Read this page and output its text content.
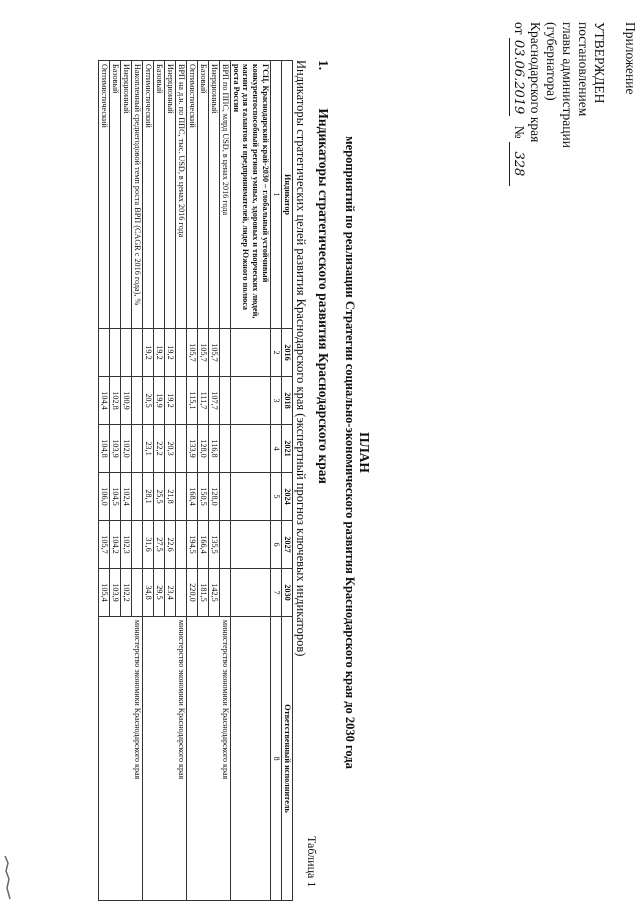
Приложение
УТВЕРЖДЕН
постановлением
главы администрации
(губернатора)
Краснодарского края
от 03.06.2019 № 328
ПЛАН
мероприятий по реализации Стратегии социально-экономического развития Краснодарского края до 2030 года
1. Индикаторы стратегического развития Краснодарского края
Таблица 1
Индикаторы стратегических целей развития Краснодарского края (экспертный прогноз ключевых индикаторов)
Индикатор	2016	2018	2021	2024	2027	2030	Ответственный исполнитель
1	2	3	4	5	6	7	8
ГСЦ. Краснодарский край-2030 – глобальный устойчивый конкурентоспособный регион умных, здоровых и творческих людей, магнит для талантов и предпринимателей, лидер Южного полюса роста России							
ВРП по ППС, млрд USD, в ценах 2016 года							министерство экономики Краснодарского края
Инерционный	105,7	107,7	116,8	128,0	135,5	142,5	
Базовый	105,7	111,7	128,0	150,5	166,4	181,5	
Оптимистический	105,7	115,1	133,9	168,4	194,5	220,0	
ВРП на д.н. по ППС, тыс. USD, в ценах 2016 года							министерство экономики Краснодарского края
Инерционный	19,2	19,2	20,3	21,8	22,6	23,4	
Базовый	19,2	19,9	22,2	25,5	27,5	29,5	
Оптимистический	19,2	20,5	23,1	28,1	31,6	34,8	
Накопленный среднегодовой темп роста ВРП (CAGR с 2016 года), %							министерство экономики Краснодарского края
Инерционный		100,9	102,0	102,4	102,3	102,2	
Базовый		102,8	103,9	104,5	104,2	103,9	
Оптимистический		104,4	104,8	106,0	105,7	105,4	
